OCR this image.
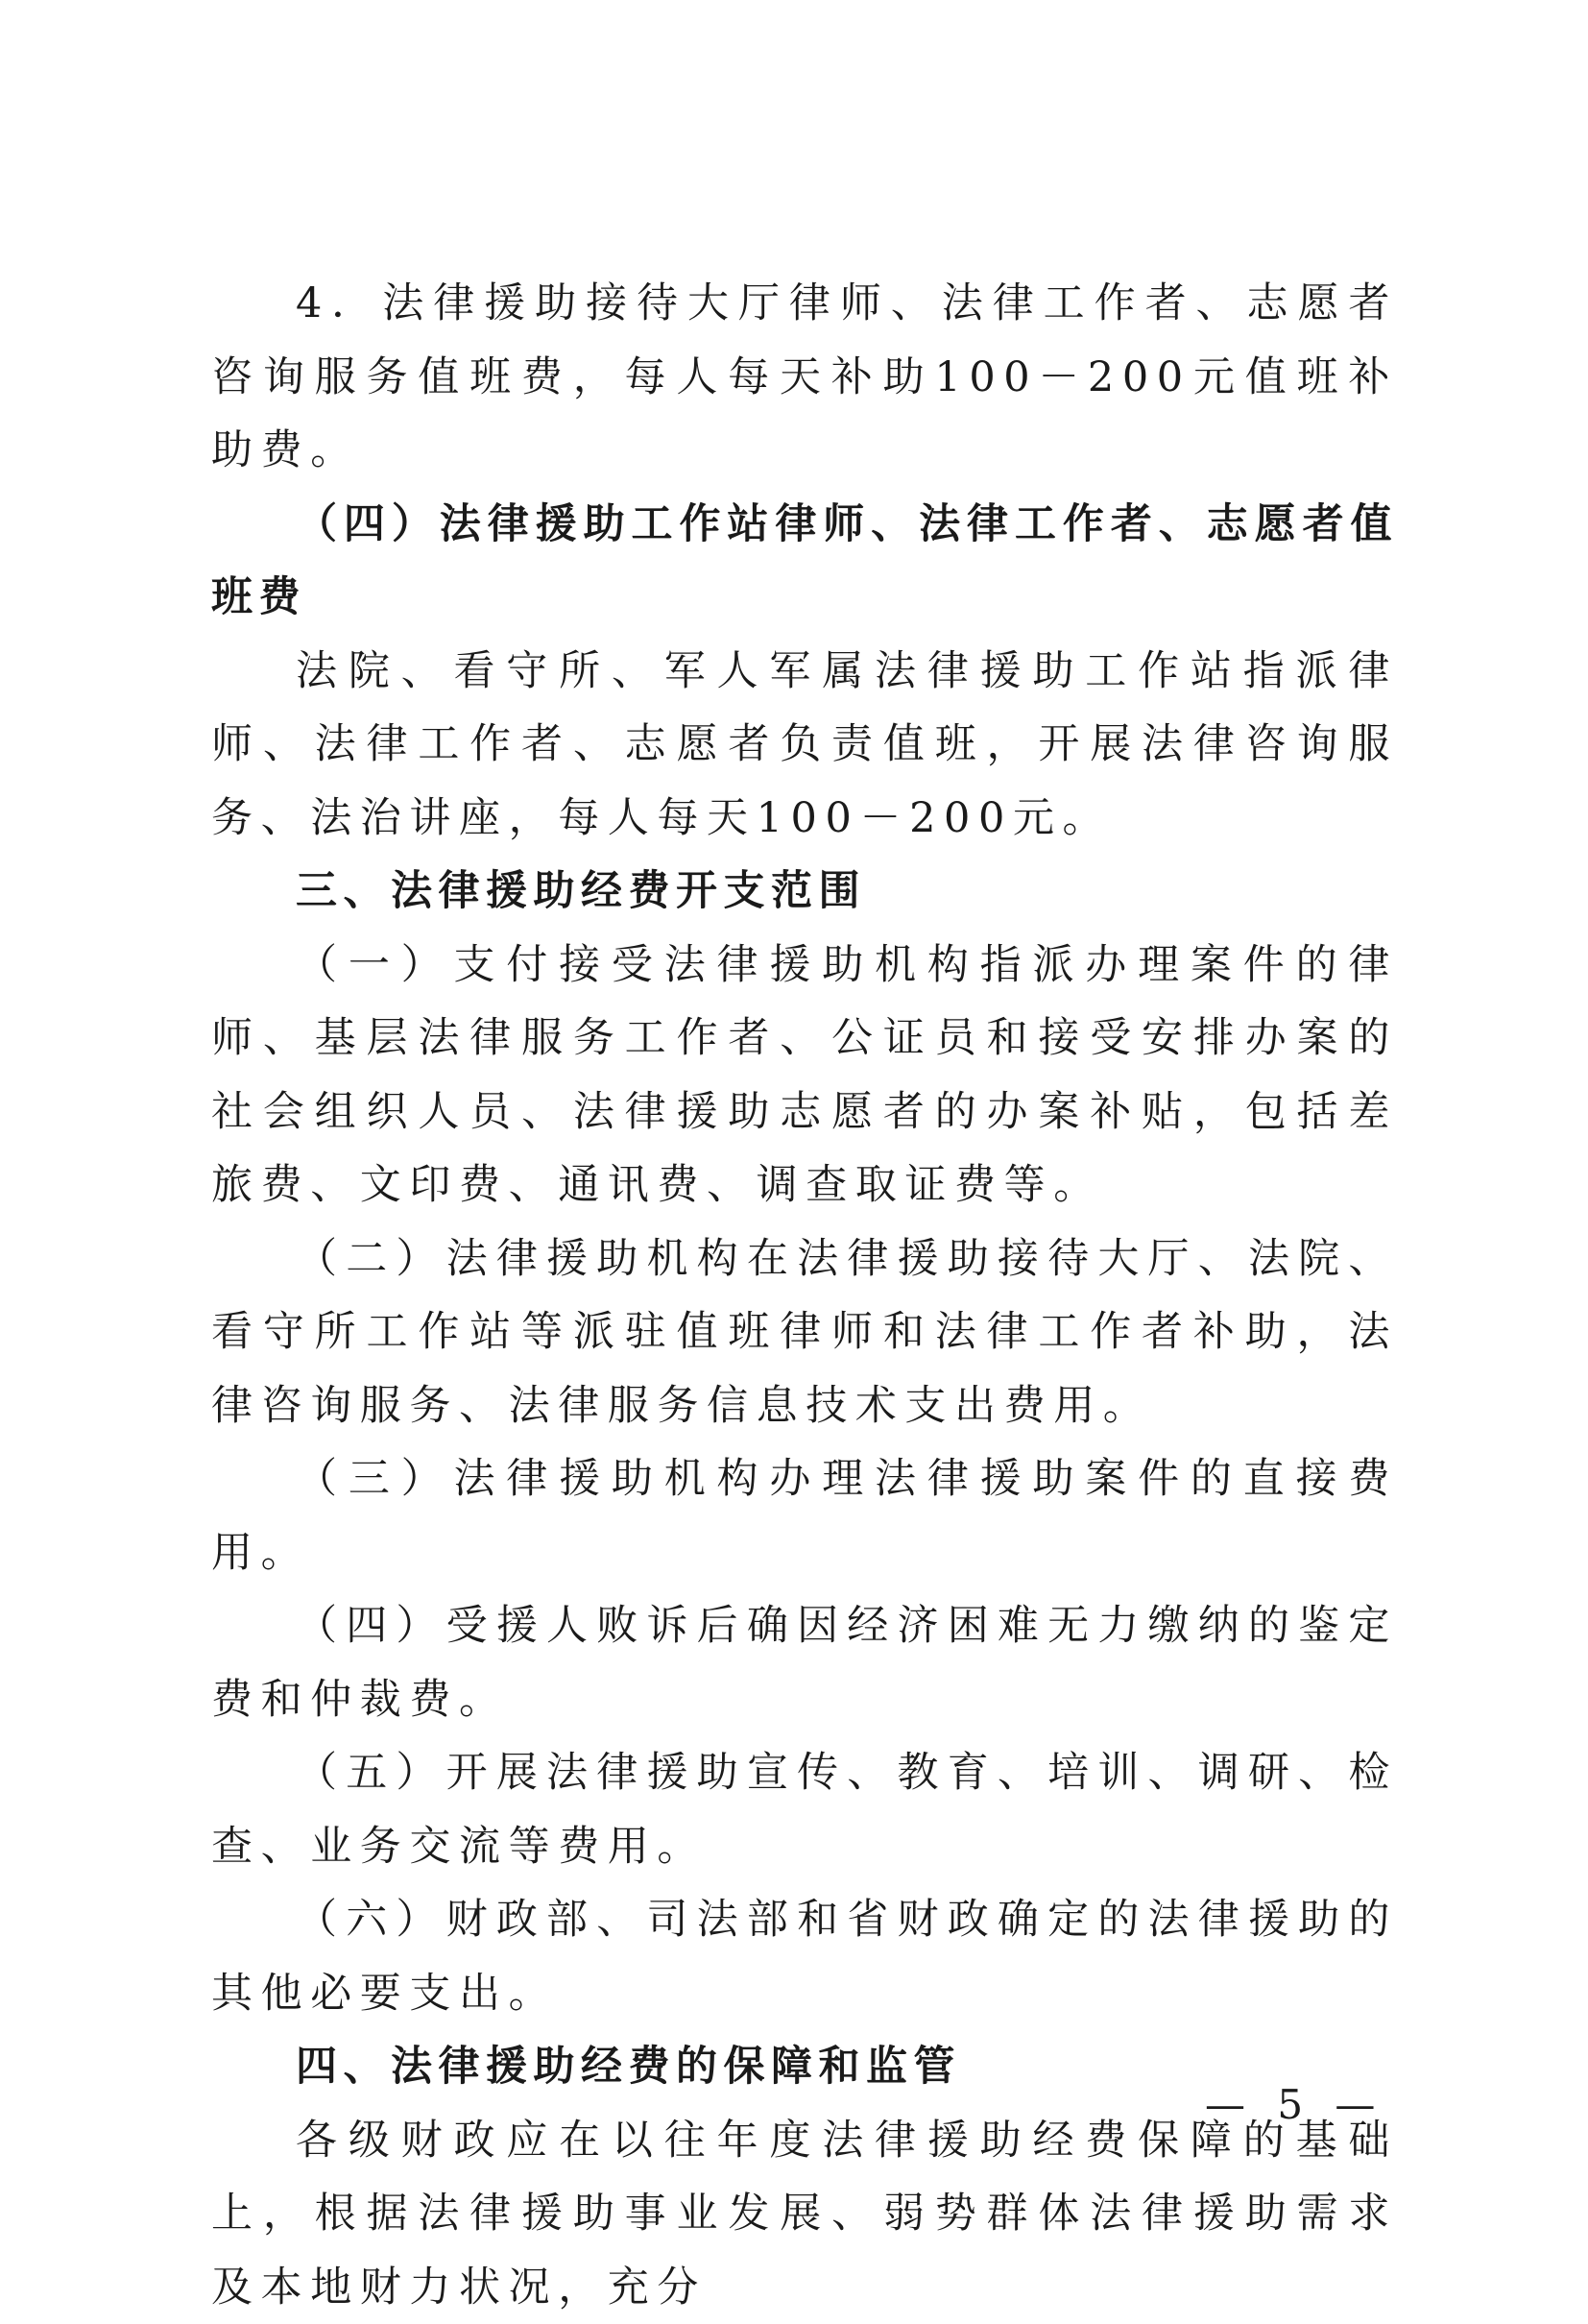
4．法律援助接待大厅律师、法律工作者、志愿者咨询服务值班费，每人每天补助100－200元值班补助费。

（四）法律援助工作站律师、法律工作者、志愿者值班费

法院、看守所、军人军属法律援助工作站指派律师、法律工作者、志愿者负责值班，开展法律咨询服务、法治讲座，每人每天100－200元。

三、法律援助经费开支范围

（一）支付接受法律援助机构指派办理案件的律师、基层法律服务工作者、公证员和接受安排办案的社会组织人员、法律援助志愿者的办案补贴，包括差旅费、文印费、通讯费、调查取证费等。

（二）法律援助机构在法律援助接待大厅、法院、看守所工作站等派驻值班律师和法律工作者补助，法律咨询服务、法律服务信息技术支出费用。

（三）法律援助机构办理法律援助案件的直接费用。

（四）受援人败诉后确因经济困难无力缴纳的鉴定费和仲裁费。

（五）开展法律援助宣传、教育、培训、调研、检查、业务交流等费用。

（六）财政部、司法部和省财政确定的法律援助的其他必要支出。

四、法律援助经费的保障和监管

各级财政应在以往年度法律援助经费保障的基础上，根据法律援助事业发展、弱势群体法律援助需求及本地财力状况，充分

— 5 —
